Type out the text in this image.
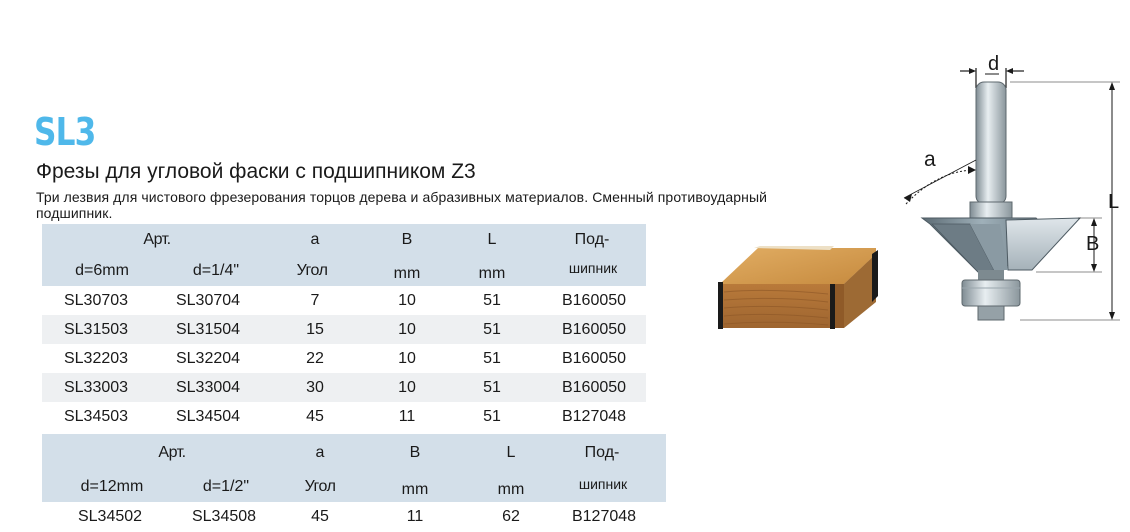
SL3
Фрезы для угловой фаски с подшипником Z3
Три лезвия для чистового фрезерования торцов дерева и абразивных материалов. Сменный противоударный подшипник.
Арт.	a	B	L	Под-
d=6mm	d=1/4"	Угол	mm	mm	шипник
SL30703	SL30704	7	10	51	B160050
SL31503	SL31504	15	10	51	B160050
SL32203	SL32204	22	10	51	B160050
SL33003	SL33004	30	10	51	B160050
SL34503	SL34504	45	11	51	B127048
Арт.	a	B	L	Под-
d=12mm	d=1/2"	Угол	mm	mm	шипник
SL34502	SL34508	45	11	62	B127048
d
a
L
B
